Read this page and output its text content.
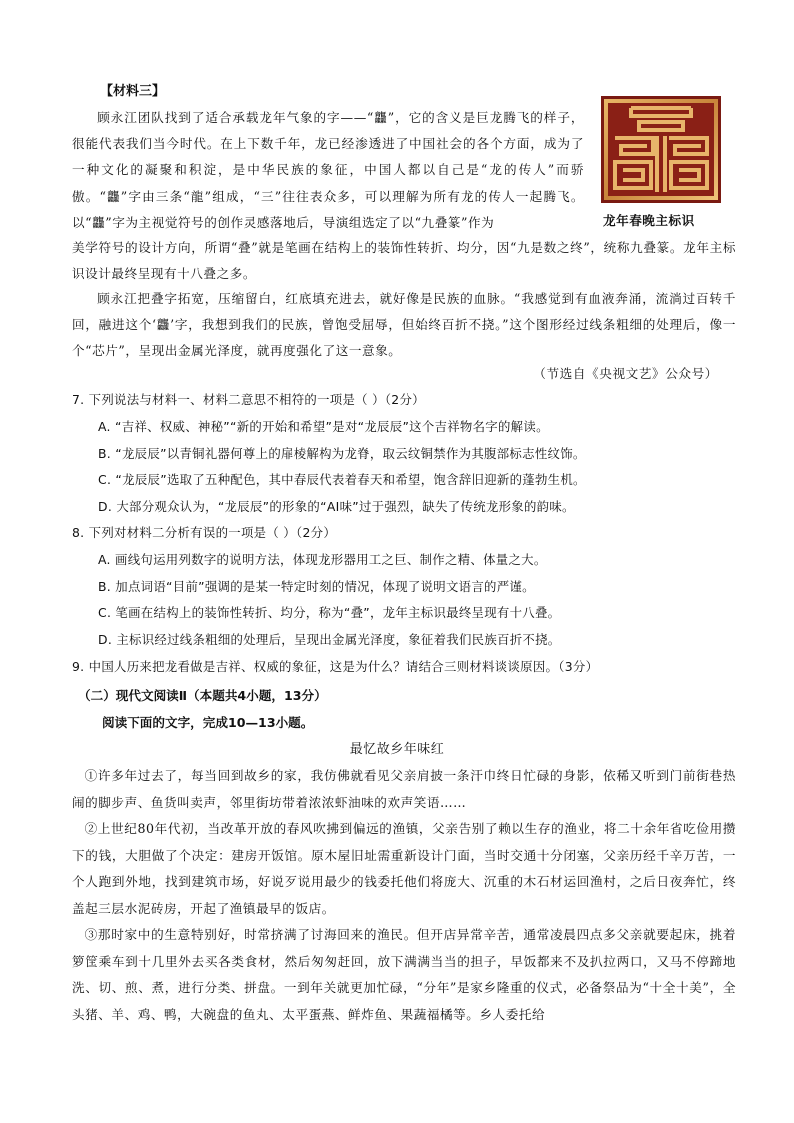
【材料三】
顾永江团队找到了适合承载龙年气象的字——“龘”，它的含义是巨龙腾飞的样子，很能代表我们当今时代。在上下数千年，龙已经渗透进了中国社会的各个方面，成为了一种文化的凝聚和积淀，是中华民族的象征，中国人都以自己是“龙的传人”而骄傲。“龘”字由三条“龍”组成，“三”往往表众多，可以理解为所有龙的传人一起腾飞。以“龘”字为主视觉符号的创作灵感落地后，导演组选定了以“九叠篆”作为	龙年春晚主标识
美学符号的设计方向，所谓“叠”就是笔画在结构上的装饰性转折、均分，因“九是数之终”，统称九叠篆。龙年主标识设计最终呈现有十八叠之多。
顾永江把叠字拓宽，压缩留白，红底填充进去，就好像是民族的血脉。“我感觉到有血液奔涌，流淌过百转千回，融进这个‘龘’字，我想到我们的民族，曾饱受屈辱，但始终百折不挠。”这个图形经过线条粗细的处理后，像一个“芯片”，呈现出金属光泽度，就再度强化了这一意象。
（节选自《央视文艺》公众号）
7. 下列说法与材料一、材料二意思不相符的一项是（ ）（2分）
A. “吉祥、权威、神秘”“新的开始和希望”是对“龙辰辰”这个吉祥物名字的解读。
B. “龙辰辰”以青铜礼器何尊上的扉棱解构为龙脊，取云纹铜禁作为其腹部标志性纹饰。
C. “龙辰辰”选取了五种配色，其中春辰代表着春天和希望，饱含辞旧迎新的蓬勃生机。
D. 大部分观众认为，“龙辰辰”的形象的“AI味”过于强烈，缺失了传统龙形象的韵味。
8. 下列对材料二分析有误的一项是（ ）（2分）
A. 画线句运用列数字的说明方法，体现龙形器用工之巨、制作之精、体量之大。
B. 加点词语“目前”强调的是某一特定时刻的情况，体现了说明文语言的严谨。
C. 笔画在结构上的装饰性转折、均分，称为“叠”，龙年主标识最终呈现有十八叠。
D. 主标识经过线条粗细的处理后，呈现出金属光泽度，象征着我们民族百折不挠。
9. 中国人历来把龙看做是吉祥、权威的象征，这是为什么？请结合三则材料谈谈原因。（3分）
（二）现代文阅读Ⅱ（本题共4小题，13分）
阅读下面的文字，完成10—13小题。
最忆故乡年味红
①许多年过去了，每当回到故乡的家，我仿佛就看见父亲肩披一条汗巾终日忙碌的身影，依稀又听到门前街巷热闹的脚步声、鱼货叫卖声，邻里街坊带着浓浓虾油味的欢声笑语……
②上世纪80年代初，当改革开放的春风吹拂到偏远的渔镇，父亲告别了赖以生存的渔业，将二十余年省吃俭用攒下的钱，大胆做了个决定：建房开饭馆。原木屋旧址需重新设计门面，当时交通十分闭塞，父亲历经千辛万苦，一个人跑到外地，找到建筑市场，好说歹说用最少的钱委托他们将庞大、沉重的木石材运回渔村，之后日夜奔忙，终盖起三层水泥砖房，开起了渔镇最早的饭店。
③那时家中的生意特别好，时常挤满了讨海回来的渔民。但开店异常辛苦，通常凌晨四点多父亲就要起床，挑着箩筐乘车到十几里外去买各类食材，然后匆匆赶回，放下满满当当的担子，早饭都来不及扒拉两口，又马不停蹄地洗、切、煎、煮，进行分类、拼盘。一到年关就更加忙碌，“分年”是家乡隆重的仪式，必备祭品为“十全十美”，全头猪、羊、鸡、鸭，大碗盘的鱼丸、太平蛋燕、鲜炸鱼、果蔬福橘等。乡人委托给
